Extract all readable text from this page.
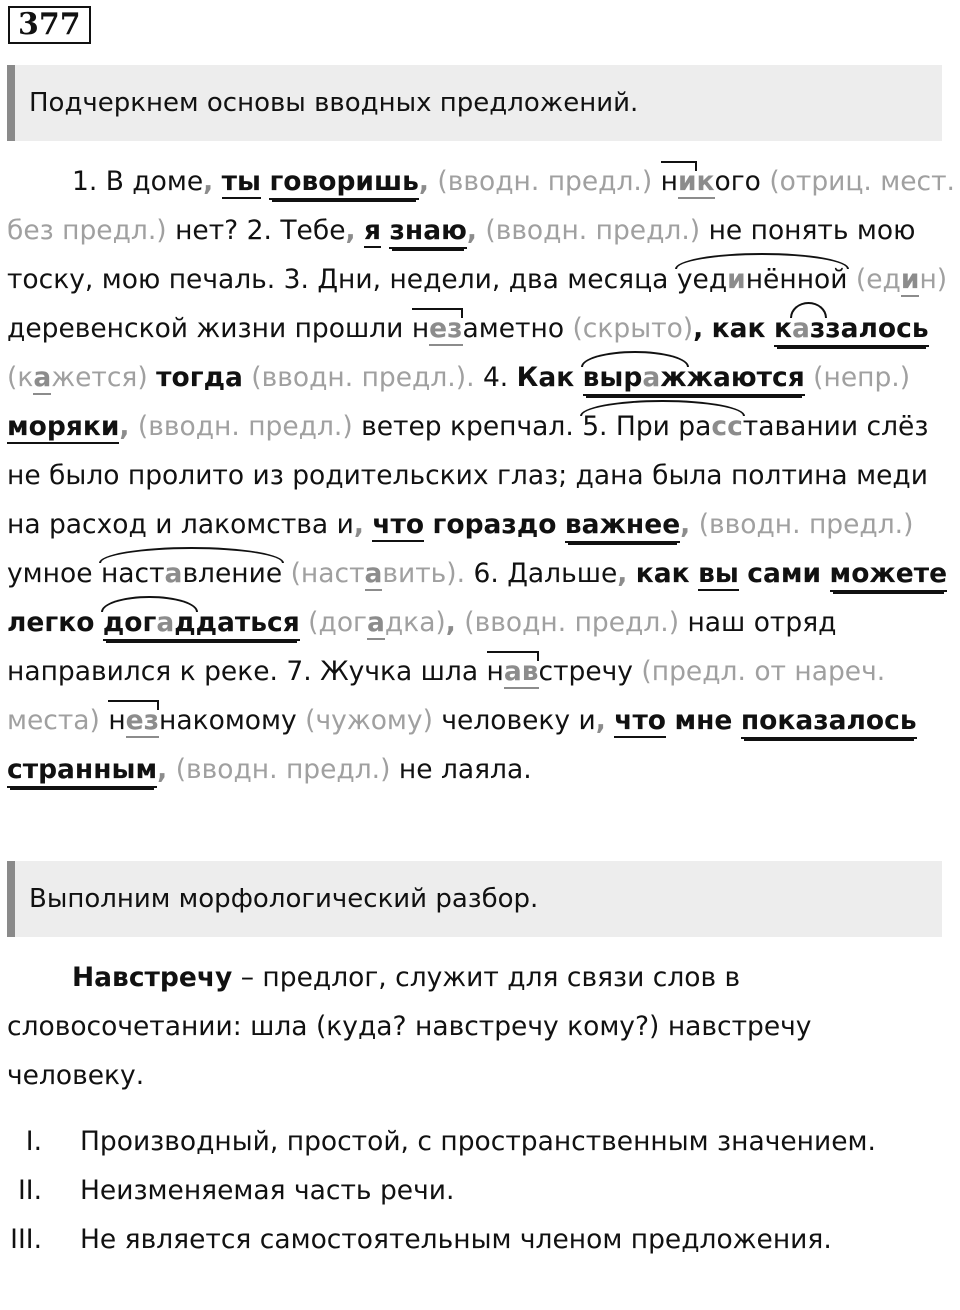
377
Подчеркнем основы вводных предложений.
1. В доме, ты говоришь, (вводн. предл.) никого (отриц. мест. без предл.) нет? 2. Тебе, я знаю, (вводн. предл.) не понять мою тоску, мою печаль. 3. Дни, недели, два месяца уединённой (един) деревенской жизни прошли незаметно (скрыто), как каззалось (кажется) тогда (вводн. предл.). 4. Как выражжаются (непр.) моряки, (вводн. предл.) ветер крепчал. 5. При расставании слёз не было пролито из родительских глаз; дана была полтина меди на расход и лакомства и, что гораздо важнее, (вводн. предл.) умное наставление (наставить). 6. Дальше, как вы сами можете легко догаддаться (догадка), (вводн. предл.) наш отряд направился к реке. 7. Жучка шла навстречу (предл. от нареч. места) незнакомому (чужому) человеку и, что мне показалось странным, (вводн. предл.) не лаяла.
Выполним морфологический разбор.
Навстречу – предлог, служит для связи слов в словосочетании: шла (куда? навстречу кому?) навстречу человеку.
I.	Производный, простой, с пространственным значением.
II.	Неизменяемая часть речи.
III.	Не является самостоятельным членом предложения.
